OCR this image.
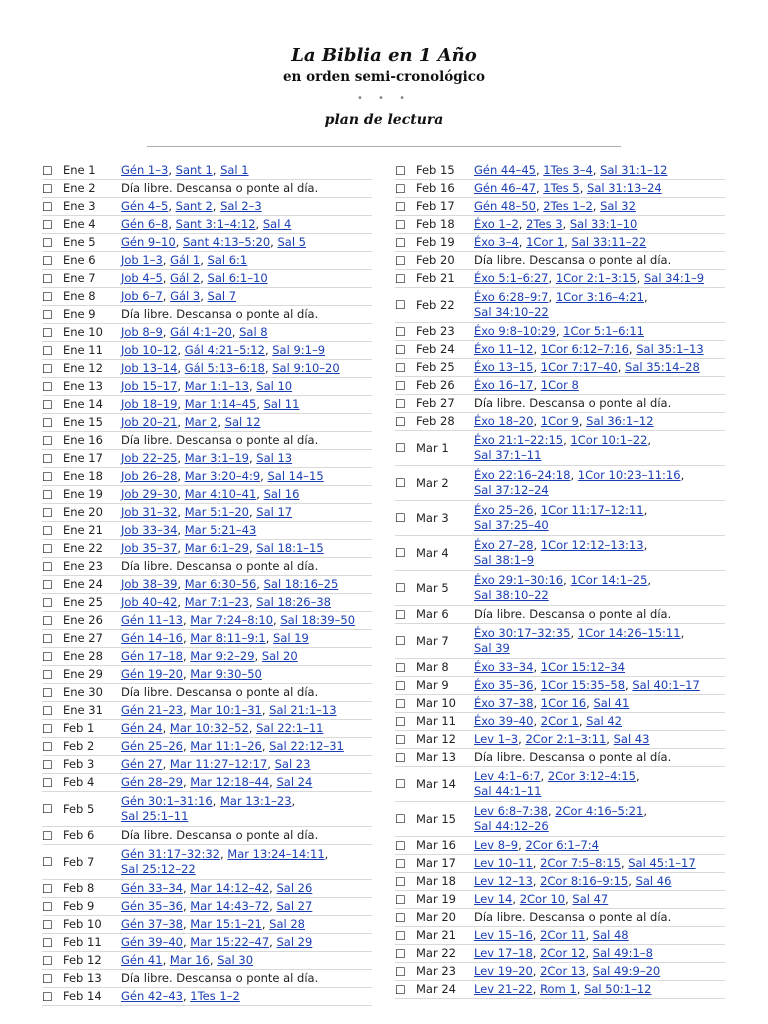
La Biblia en 1 Año
en orden semi-cronológico
• • •
plan de lectura
☐ Ene 1	Gén 1–3, Sant 1, Sal 1
☐ Ene 2	Día libre. Descansa o ponte al día.
☐ Ene 3	Gén 4–5, Sant 2, Sal 2–3
☐ Ene 4	Gén 6–8, Sant 3:1–4:12, Sal 4
☐ Ene 5	Gén 9–10, Sant 4:13–5:20, Sal 5
☐ Ene 6	Job 1–3, Gál 1, Sal 6:1
☐ Ene 7	Job 4–5, Gál 2, Sal 6:1–10
☐ Ene 8	Job 6–7, Gál 3, Sal 7
☐ Ene 9	Día libre. Descansa o ponte al día.
☐ Ene 10	Job 8–9, Gál 4:1–20, Sal 8
☐ Ene 11	Job 10–12, Gál 4:21–5:12, Sal 9:1–9
☐ Ene 12	Job 13–14, Gál 5:13–6:18, Sal 9:10–20
☐ Ene 13	Job 15–17, Mar 1:1–13, Sal 10
☐ Ene 14	Job 18–19, Mar 1:14–45, Sal 11
☐ Ene 15	Job 20–21, Mar 2, Sal 12
☐ Ene 16	Día libre. Descansa o ponte al día.
☐ Ene 17	Job 22–25, Mar 3:1–19, Sal 13
☐ Ene 18	Job 26–28, Mar 3:20–4:9, Sal 14–15
☐ Ene 19	Job 29–30, Mar 4:10–41, Sal 16
☐ Ene 20	Job 31–32, Mar 5:1–20, Sal 17
☐ Ene 21	Job 33–34, Mar 5:21–43
☐ Ene 22	Job 35–37, Mar 6:1–29, Sal 18:1–15
☐ Ene 23	Día libre. Descansa o ponte al día.
☐ Ene 24	Job 38–39, Mar 6:30–56, Sal 18:16–25
☐ Ene 25	Job 40–42, Mar 7:1–23, Sal 18:26–38
☐ Ene 26	Gén 11–13, Mar 7:24–8:10, Sal 18:39–50
☐ Ene 27	Gén 14–16, Mar 8:11–9:1, Sal 19
☐ Ene 28	Gén 17–18, Mar 9:2–29, Sal 20
☐ Ene 29	Gén 19–20, Mar 9:30–50
☐ Ene 30	Día libre. Descansa o ponte al día.
☐ Ene 31	Gén 21–23, Mar 10:1–31, Sal 21:1–13
☐ Feb 1	Gén 24, Mar 10:32–52, Sal 22:1–11
☐ Feb 2	Gén 25–26, Mar 11:1–26, Sal 22:12–31
☐ Feb 3	Gén 27, Mar 11:27–12:17, Sal 23
☐ Feb 4	Gén 28–29, Mar 12:18–44, Sal 24
☐ Feb 5
Gén 30:1–31:16, Mar 13:1–23,
Sal 25:1–11
☐ Feb 6	Día libre. Descansa o ponte al día.
☐ Feb 7
Gén 31:17–32:32, Mar 13:24–14:11,
Sal 25:12–22
☐ Feb 8	Gén 33–34, Mar 14:12–42, Sal 26
☐ Feb 9	Gén 35–36, Mar 14:43–72, Sal 27
☐ Feb 10	Gén 37–38, Mar 15:1–21, Sal 28
☐ Feb 11	Gén 39–40, Mar 15:22–47, Sal 29
☐ Feb 12	Gén 41, Mar 16, Sal 30
☐ Feb 13	Día libre. Descansa o ponte al día.
☐ Feb 14	Gén 42–43, 1Tes 1–2
☐ Feb 15	Gén 44–45, 1Tes 3–4, Sal 31:1–12
☐ Feb 16	Gén 46–47, 1Tes 5, Sal 31:13–24
☐ Feb 17	Gén 48–50, 2Tes 1–2, Sal 32
☐ Feb 18	Éxo 1–2, 2Tes 3, Sal 33:1–10
☐ Feb 19	Éxo 3–4, 1Cor 1, Sal 33:11–22
☐ Feb 20	Día libre. Descansa o ponte al día.
☐ Feb 21	Éxo 5:1–6:27, 1Cor 2:1–3:15, Sal 34:1–9
☐ Feb 22
Éxo 6:28–9:7, 1Cor 3:16–4:21,
Sal 34:10–22
☐ Feb 23	Éxo 9:8–10:29, 1Cor 5:1–6:11
☐ Feb 24	Éxo 11–12, 1Cor 6:12–7:16, Sal 35:1–13
☐ Feb 25	Éxo 13–15, 1Cor 7:17–40, Sal 35:14–28
☐ Feb 26	Éxo 16–17, 1Cor 8
☐ Feb 27	Día libre. Descansa o ponte al día.
☐ Feb 28	Éxo 18–20, 1Cor 9, Sal 36:1–12
☐ Mar 1
Éxo 21:1–22:15, 1Cor 10:1–22,
Sal 37:1–11
☐ Mar 2
Éxo 22:16–24:18, 1Cor 10:23–11:16,
Sal 37:12–24
☐ Mar 3
Éxo 25–26, 1Cor 11:17–12:11,
Sal 37:25–40
☐ Mar 4
Éxo 27–28, 1Cor 12:12–13:13,
Sal 38:1–9
☐ Mar 5
Éxo 29:1–30:16, 1Cor 14:1–25,
Sal 38:10–22
☐ Mar 6	Día libre. Descansa o ponte al día.
☐ Mar 7
Éxo 30:17–32:35, 1Cor 14:26–15:11,
Sal 39
☐ Mar 8	Éxo 33–34, 1Cor 15:12–34
☐ Mar 9	Éxo 35–36, 1Cor 15:35–58, Sal 40:1–17
☐ Mar 10	Éxo 37–38, 1Cor 16, Sal 41
☐ Mar 11	Éxo 39–40, 2Cor 1, Sal 42
☐ Mar 12	Lev 1–3, 2Cor 2:1–3:11, Sal 43
☐ Mar 13	Día libre. Descansa o ponte al día.
☐ Mar 14
Lev 4:1–6:7, 2Cor 3:12–4:15,
Sal 44:1–11
☐ Mar 15
Lev 6:8–7:38, 2Cor 4:16–5:21,
Sal 44:12–26
☐ Mar 16	Lev 8–9, 2Cor 6:1–7:4
☐ Mar 17	Lev 10–11, 2Cor 7:5–8:15, Sal 45:1–17
☐ Mar 18	Lev 12–13, 2Cor 8:16–9:15, Sal 46
☐ Mar 19	Lev 14, 2Cor 10, Sal 47
☐ Mar 20	Día libre. Descansa o ponte al día.
☐ Mar 21	Lev 15–16, 2Cor 11, Sal 48
☐ Mar 22	Lev 17–18, 2Cor 12, Sal 49:1–8
☐ Mar 23	Lev 19–20, 2Cor 13, Sal 49:9–20
☐ Mar 24	Lev 21–22, Rom 1, Sal 50:1–12
